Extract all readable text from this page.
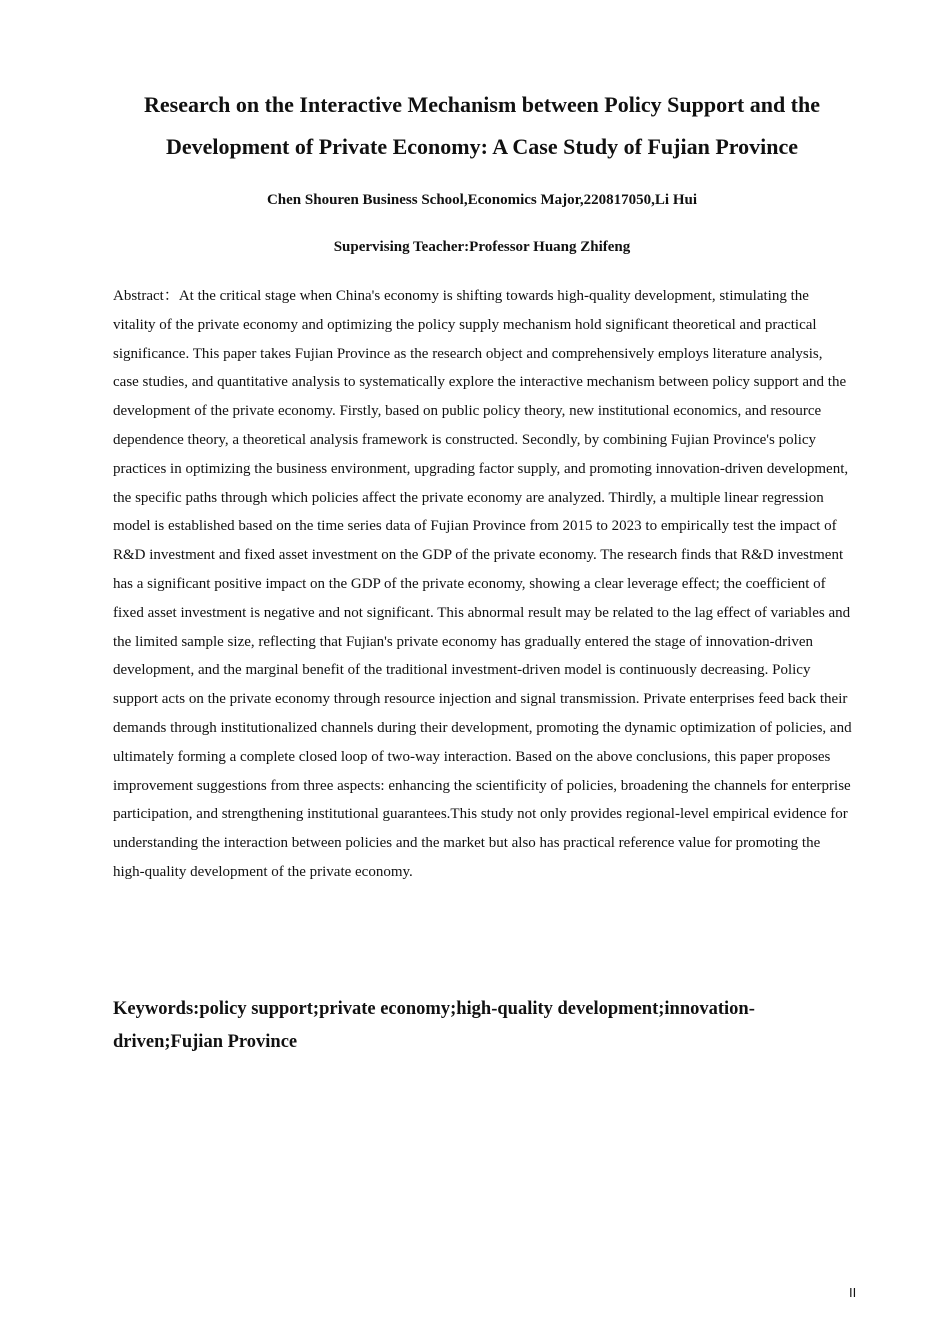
Research on the Interactive Mechanism between Policy Support and the Development of Private Economy: A Case Study of Fujian Province

Chen Shouren Business School,Economics Major,220817050,Li Hui

Supervising Teacher:Professor Huang Zhifeng

Abstract：At the critical stage when China's economy is shifting towards high-quality development, stimulating the vitality of the private economy and optimizing the policy supply mechanism hold significant theoretical and practical significance. This paper takes Fujian Province as the research object and comprehensively employs literature analysis, case studies, and quantitative analysis to systematically explore the interactive mechanism between policy support and the development of the private economy. Firstly, based on public policy theory, new institutional economics, and resource dependence theory, a theoretical analysis framework is constructed. Secondly, by combining Fujian Province's policy practices in optimizing the business environment, upgrading factor supply, and promoting innovation-driven development, the specific paths through which policies affect the private economy are analyzed. Thirdly, a multiple linear regression model is established based on the time series data of Fujian Province from 2015 to 2023 to empirically test the impact of R&D investment and fixed asset investment on the GDP of the private economy. The research finds that R&D investment has a significant positive impact on the GDP of the private economy, showing a clear leverage effect; the coefficient of fixed asset investment is negative and not significant. This abnormal result may be related to the lag effect of variables and the limited sample size, reflecting that Fujian's private economy has gradually entered the stage of innovation-driven development, and the marginal benefit of the traditional investment-driven model is continuously decreasing. Policy support acts on the private economy through resource injection and signal transmission. Private enterprises feed back their demands through institutionalized channels during their development, promoting the dynamic optimization of policies, and ultimately forming a complete closed loop of two-way interaction. Based on the above conclusions, this paper proposes improvement suggestions from three aspects: enhancing the scientificity of policies, broadening the channels for enterprise participation, and strengthening institutional guarantees.This study not only provides regional-level empirical evidence for understanding the interaction between policies and the market but also has practical reference value for promoting the high-quality development of the private economy.

Keywords:policy support;private economy;high-quality development;innovation-driven;Fujian Province

II
